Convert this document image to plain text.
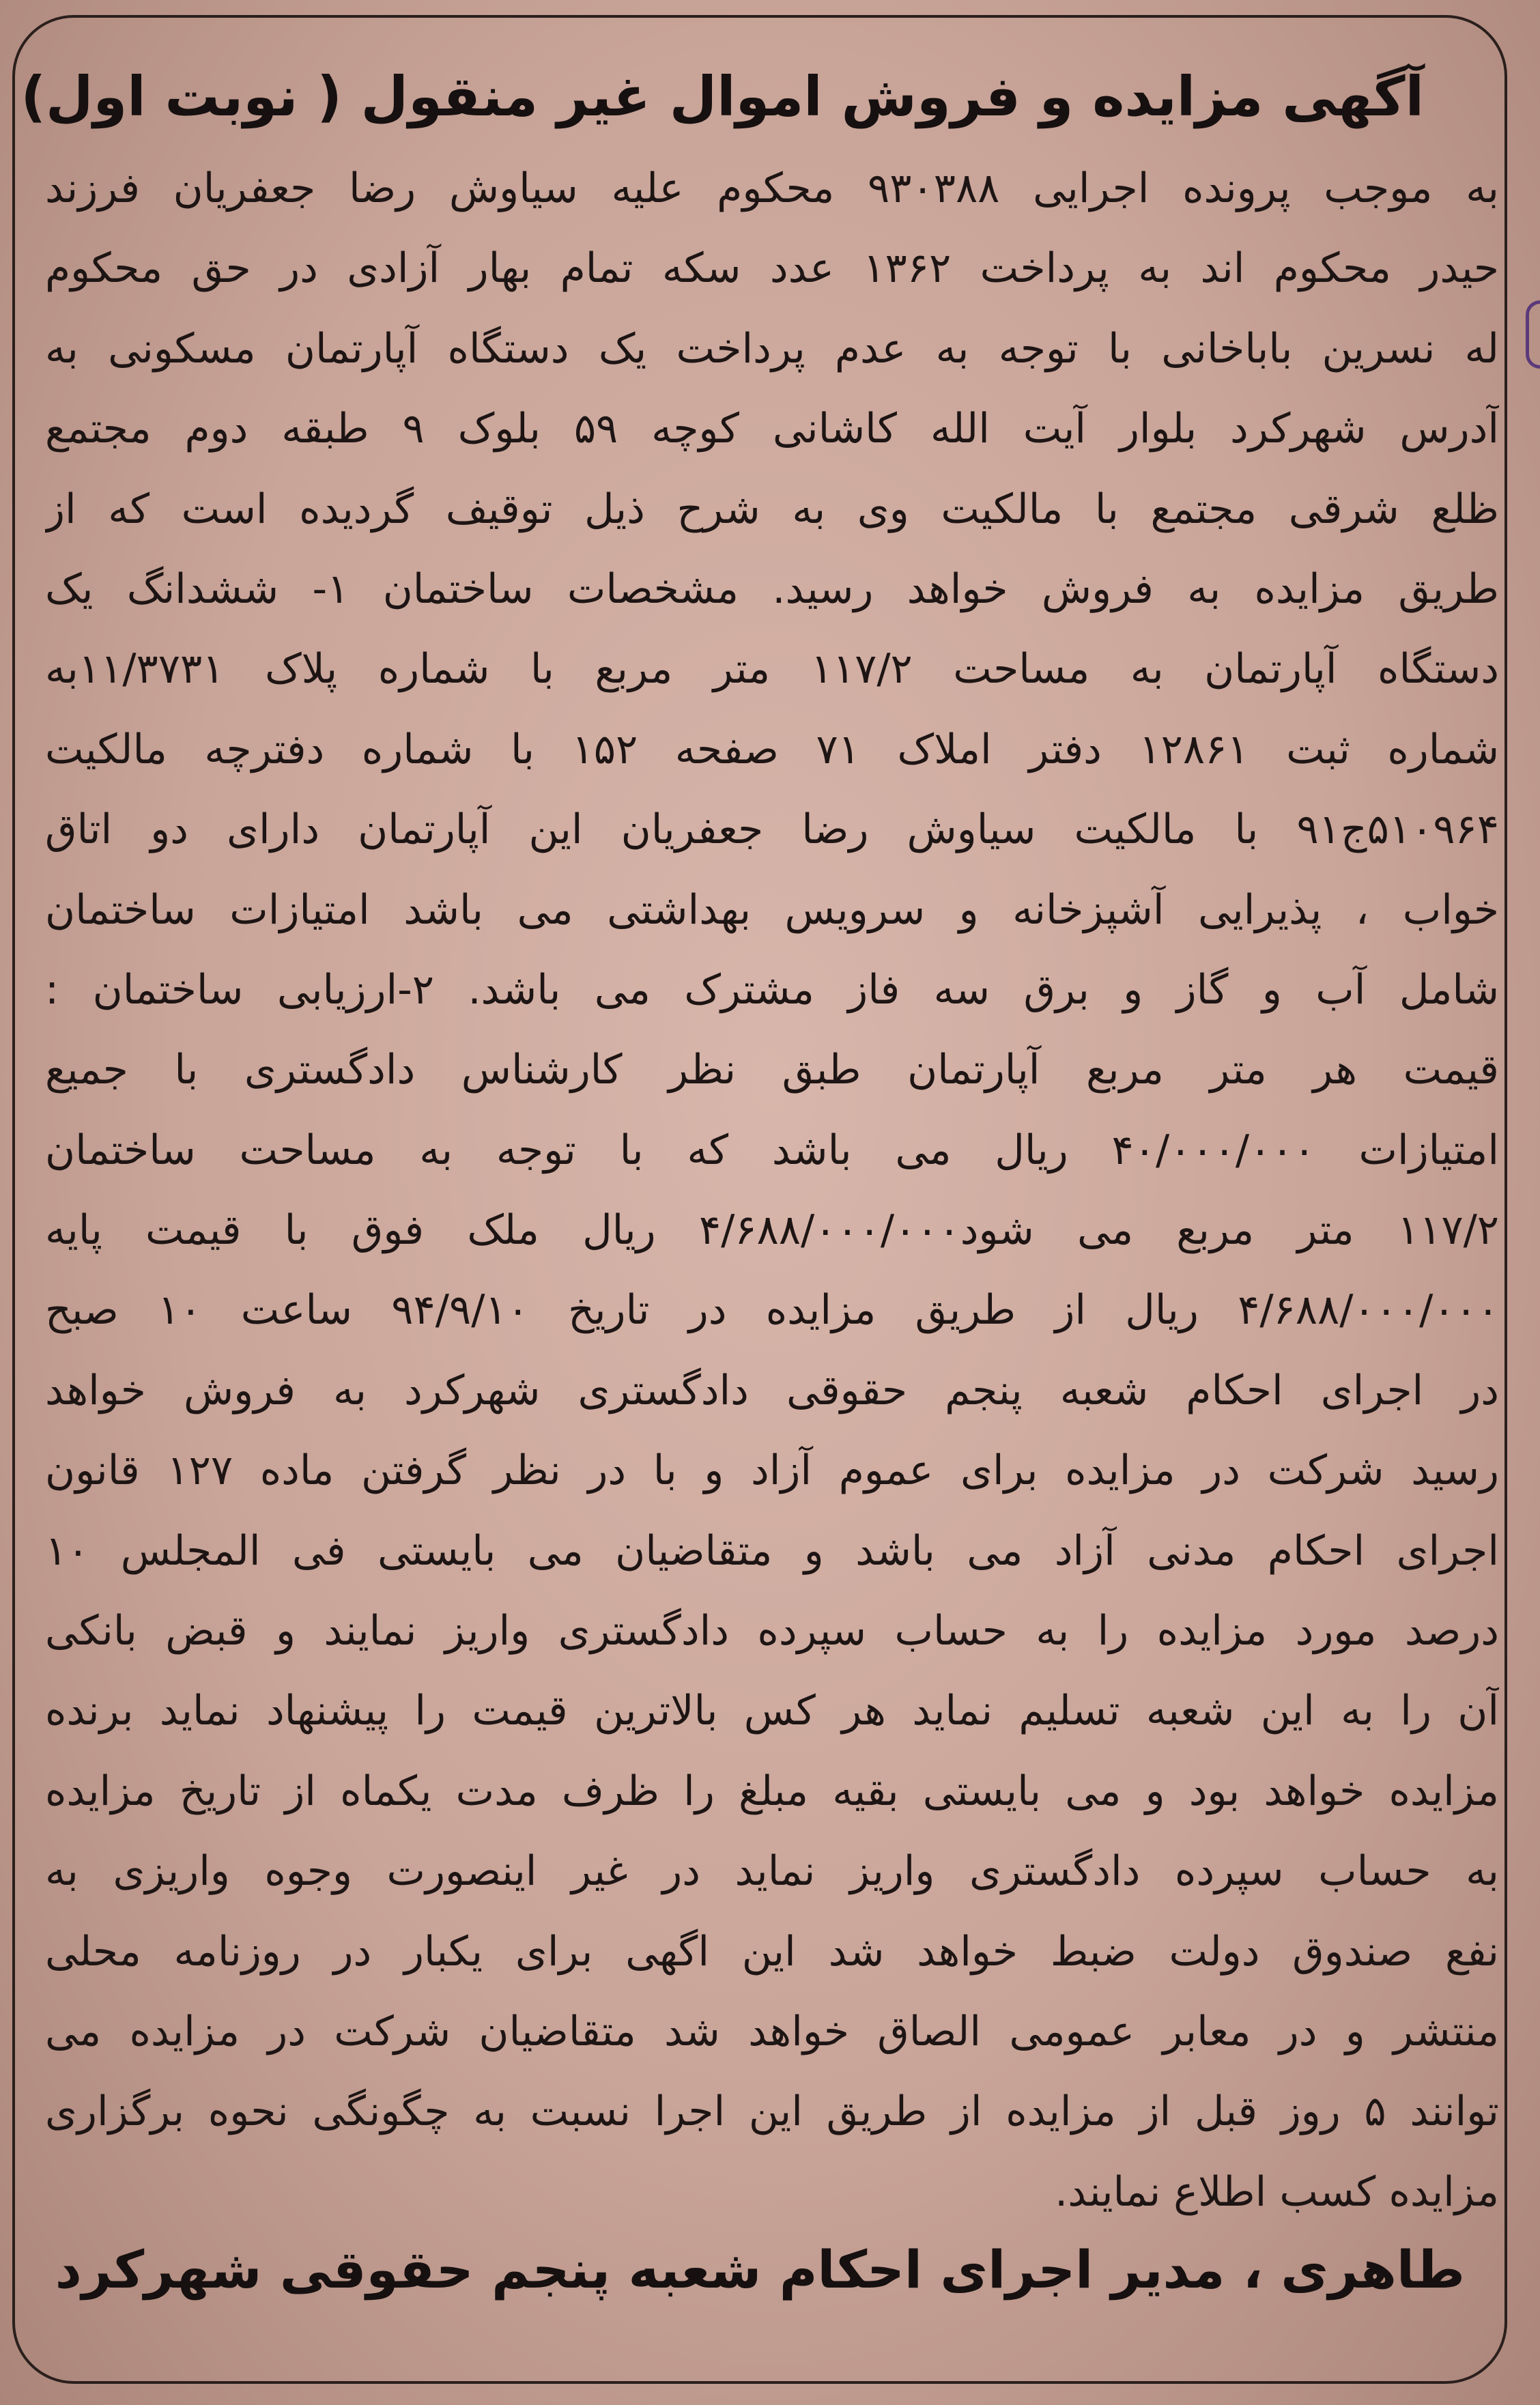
آگهی مزایده و فروش اموال غیر منقول ( نوبت اول)
به موجب پرونده اجرایی ۹۳۰۳۸۸ محکوم علیه سیاوش رضا جعفریان فرزند
حیدر محکوم اند به پرداخت ۱۳۶۲ عدد سکه تمام بهار آزادی در حق محکوم
له نسرین باباخانی با توجه به عدم پرداخت یک دستگاه آپارتمان مسکونی به
آدرس شهرکرد بلوار آیت الله کاشانی کوچه ۵۹ بلوک ۹ طبقه دوم مجتمع
ظلع شرقی مجتمع با مالکیت وی به شرح ذیل توقیف گردیده است که از
طریق مزایده به فروش خواهد رسید. مشخصات ساختمان ۱- ششدانگ یک
دستگاه آپارتمان به مساحت ۱۱۷/۲ متر مربع با شماره پلاک ۱۱/۳۷۳۱به
شماره ثبت ۱۲۸۶۱ دفتر املاک ۷۱ صفحه ۱۵۲ با شماره دفترچه مالکیت
۵۱۰۹۶۴ج۹۱ با مالکیت سیاوش رضا جعفریان این آپارتمان دارای دو اتاق
خواب ، پذیرایی آشپزخانه و سرویس بهداشتی می باشد امتیازات ساختمان
شامل آب و گاز و برق سه فاز مشترک می باشد. ۲-ارزیابی ساختمان :
قیمت هر متر مربع آپارتمان طبق نظر کارشناس دادگستری با جمیع
امتیازات ۴۰/۰۰۰/۰۰۰ ریال می باشد که با توجه به مساحت ساختمان
۱۱۷/۲ متر مربع می شود۴/۶۸۸/۰۰۰/۰۰۰ ریال ملک فوق با قیمت پایه
۴/۶۸۸/۰۰۰/۰۰۰ ریال از طریق مزایده در تاریخ ۹۴/۹/۱۰ ساعت ۱۰ صبح
در اجرای احکام شعبه پنجم حقوقی دادگستری شهرکرد به فروش خواهد
رسید شرکت در مزایده برای عموم آزاد و با در نظر گرفتن ماده ۱۲۷ قانون
اجرای احکام مدنی آزاد می باشد و متقاضیان می بایستی فی المجلس ۱۰
درصد مورد مزایده را به حساب سپرده دادگستری واریز نمایند و قبض بانکی
آن را به این شعبه تسلیم نماید هر کس بالاترین قیمت را پیشنهاد نماید برنده
مزایده خواهد بود و می بایستی بقیه مبلغ را ظرف مدت یکماه از تاریخ مزایده
به حساب سپرده دادگستری واریز نماید در غیر اینصورت وجوه واریزی به
نفع صندوق دولت ضبط خواهد شد این اگهی برای یکبار در روزنامه محلی
منتشر و در معابر عمومی الصاق خواهد شد متقاضیان شرکت در مزایده می
توانند ۵ روز قبل از مزایده از طریق این اجرا نسبت به چگونگی نحوه برگزاری
مزایده کسب اطلاع نمایند.
طاهری ، مدیر اجرای احکام شعبه پنجم حقوقی شهرکرد
